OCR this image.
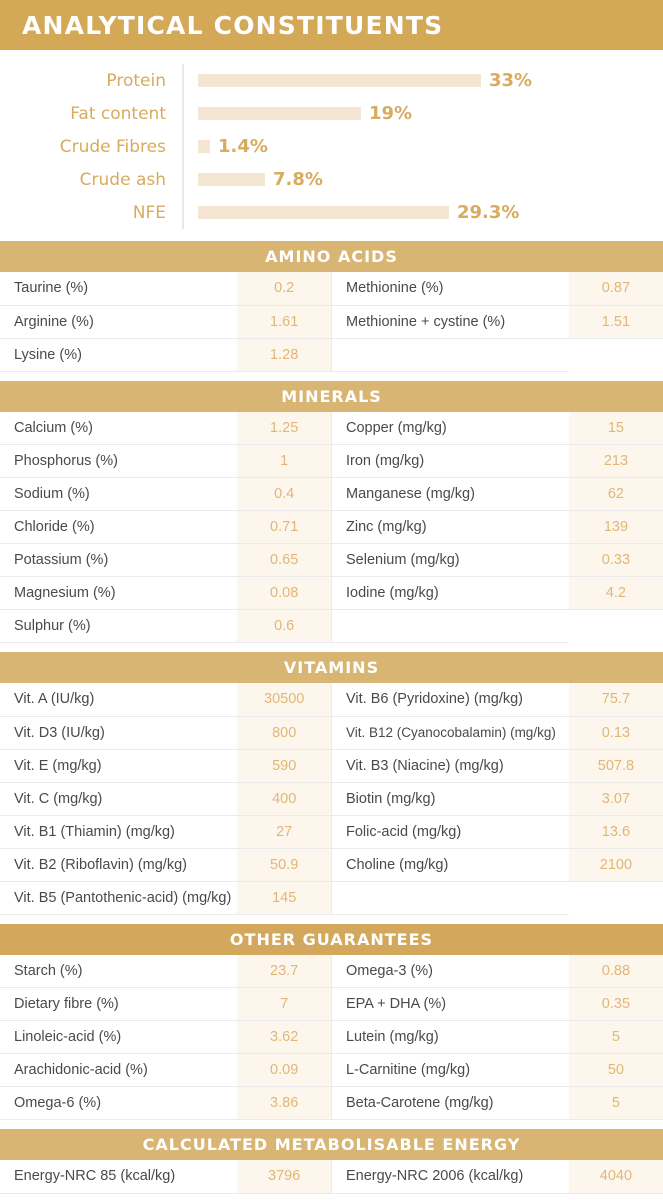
ANALYTICAL CONSTITUENTS
Protein	33%
Fat content	19%
Crude Fibres	1.4%
Crude ash	7.8%
NFE	29.3%
AMINO ACIDS
Taurine (%)	0.2	Methionine (%)	0.87
Arginine (%)	1.61	Methionine + cystine (%)	1.51
Lysine (%)	1.28		
MINERALS
Calcium (%)	1.25	Copper (mg/kg)	15
Phosphorus (%)	1	Iron (mg/kg)	213
Sodium (%)	0.4	Manganese (mg/kg)	62
Chloride (%)	0.71	Zinc (mg/kg)	139
Potassium (%)	0.65	Selenium (mg/kg)	0.33
Magnesium (%)	0.08	Iodine (mg/kg)	4.2
Sulphur (%)	0.6		
VITAMINS
Vit. A (IU/kg)	30500	Vit. B6 (Pyridoxine) (mg/kg)	75.7
Vit. D3 (IU/kg)	800	Vit. B12 (Cyanocobalamin) (mg/kg)	0.13
Vit. E (mg/kg)	590	Vit. B3 (Niacine) (mg/kg)	507.8
Vit. C (mg/kg)	400	Biotin (mg/kg)	3.07
Vit. B1 (Thiamin) (mg/kg)	27	Folic-acid (mg/kg)	13.6
Vit. B2 (Riboflavin) (mg/kg)	50.9	Choline (mg/kg)	2100
Vit. B5 (Pantothenic-acid) (mg/kg)	145		
OTHER GUARANTEES
Starch (%)	23.7	Omega-3 (%)	0.88
Dietary fibre (%)	7	EPA + DHA (%)	0.35
Linoleic-acid (%)	3.62	Lutein (mg/kg)	5
Arachidonic-acid (%)	0.09	L-Carnitine (mg/kg)	50
Omega-6 (%)	3.86	Beta-Carotene (mg/kg)	5
CALCULATED METABOLISABLE ENERGY
Energy-NRC 85 (kcal/kg)	3796	Energy-NRC 2006 (kcal/kg)	4040
